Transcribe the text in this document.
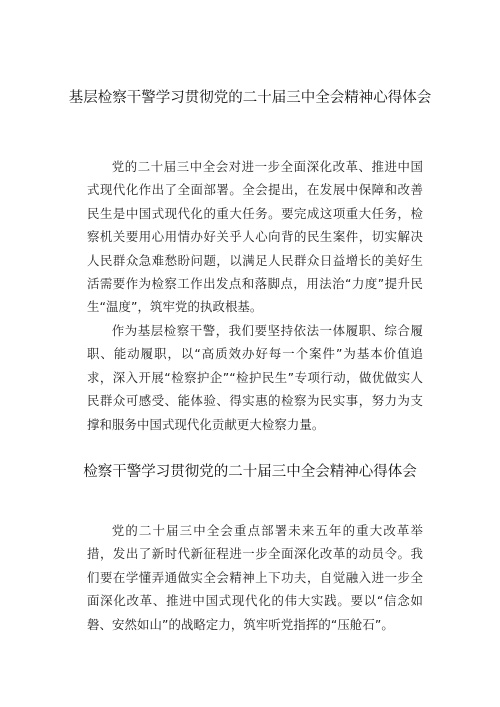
基层检察干警学习贯彻党的二十届三中全会精神心得体会

党的二十届三中全会对进一步全面深化改革、推进中国式现代化作出了全面部署。全会提出，在发展中保障和改善民生是中国式现代化的重大任务。要完成这项重大任务，检察机关要用心用情办好关乎人心向背的民生案件，切实解决人民群众急难愁盼问题，以满足人民群众日益增长的美好生活需要作为检察工作出发点和落脚点，用法治“力度”提升民生“温度”，筑牢党的执政根基。

作为基层检察干警，我们要坚持依法一体履职、综合履职、能动履职，以“高质效办好每一个案件”为基本价值追求，深入开展“检察护企”“检护民生”专项行动，做优做实人民群众可感受、能体验、得实惠的检察为民实事，努力为支撑和服务中国式现代化贡献更大检察力量。

检察干警学习贯彻党的二十届三中全会精神心得体会

党的二十届三中全会重点部署未来五年的重大改革举措，发出了新时代新征程进一步全面深化改革的动员令。我们要在学懂弄通做实全会精神上下功夫，自觉融入进一步全面深化改革、推进中国式现代化的伟大实践。要以“信念如磐、安然如山”的战略定力，筑牢听党指挥的“压舱石”。
